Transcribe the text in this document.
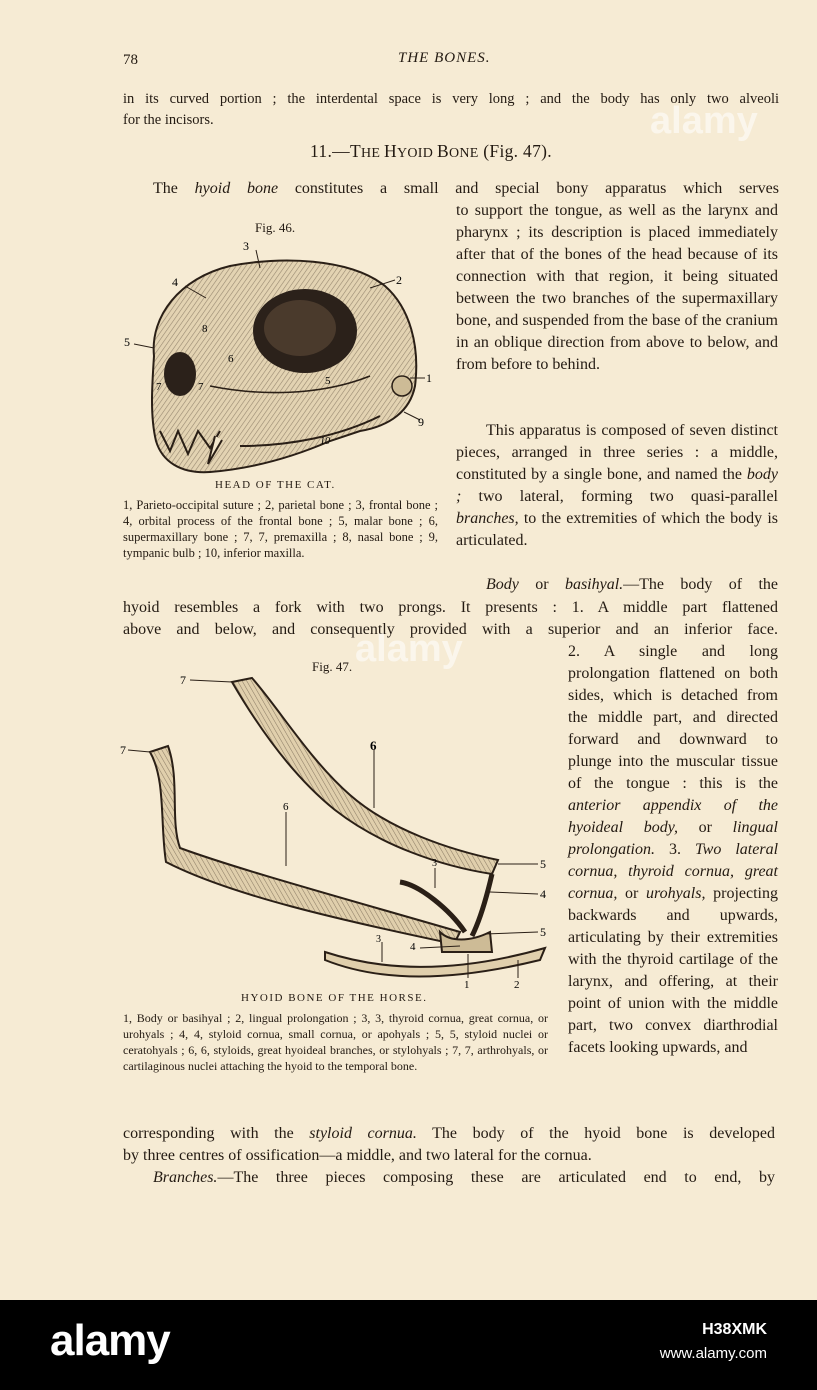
78	THE BONES.
in its curved portion ; the interdental space is very long ; and the body has only two alveoli
for the incisors.
11.—THE HYOID BONE (Fig. 47).
The hyoid bone constitutes a small and special bony apparatus which serves
Fig. 46.
1
2
3
4
5
5
6
7	7
8
9
10
HEAD OF THE CAT.
1, Parieto-occipital suture ; 2, parietal bone ; 3, frontal bone ; 4, orbital process of the frontal bone ; 5, malar bone ; 6, supermaxillary bone ; 7, 7, premaxilla ; 8, nasal bone ; 9, tympanic bulb ; 10, inferior maxilla.
to support the tongue, as well as the larynx and pharynx ; its description is placed immediately after that of the bones of the head because of its connection with that region, it being situated between the two branches of the supermaxillary bone, and suspended from the base of the cranium in an oblique direction from above to below, and from before to behind.
This apparatus is composed of seven distinct pieces, arranged in three series : a middle, constituted by a single bone, and named the body ; two lateral, forming two quasi-parallel branches, to the extremities of which the body is articulated.
Body or basihyal.—The body of the
hyoid resembles a fork with two prongs. It presents : 1. A middle part flattened
above and below, and consequently provided with a superior and an inferior face.
Fig. 47.
7
7	6
6
5
5
4
4
3
3
1	2
HYOID BONE OF THE HORSE.
1, Body or basihyal ; 2, lingual prolongation ; 3, 3, thyroid cornua, great cornua, or urohyals ; 4, 4, styloid cornua, small cornua, or apohyals ; 5, 5, styloid nuclei or ceratohyals ; 6, 6, styloids, great hyoideal branches, or stylohyals ; 7, 7, arthrohyals, or cartilaginous nuclei attaching the hyoid to the temporal bone.
2. A single and long prolongation flattened on both sides, which is detached from the middle part, and directed forward and downward to plunge into the muscular tissue of the tongue : this is the anterior appendix of the hyoideal body, or lingual prolongation. 3. Two lateral cornua, thyroid cornua, great cornua, or urohyals, projecting backwards and upwards, articulating by their extremities with the thyroid cartilage of the larynx, and offering, at their point of union with the middle part, two convex diarthrodial facets looking upwards, and
corresponding with the styloid cornua. The body of the hyoid bone is developed
by three centres of ossification—a middle, and two lateral for the cornua.
Branches.—The three pieces composing these are articulated end to end, by
alamy
alamy
alamy	H38XMK
www.alamy.com
